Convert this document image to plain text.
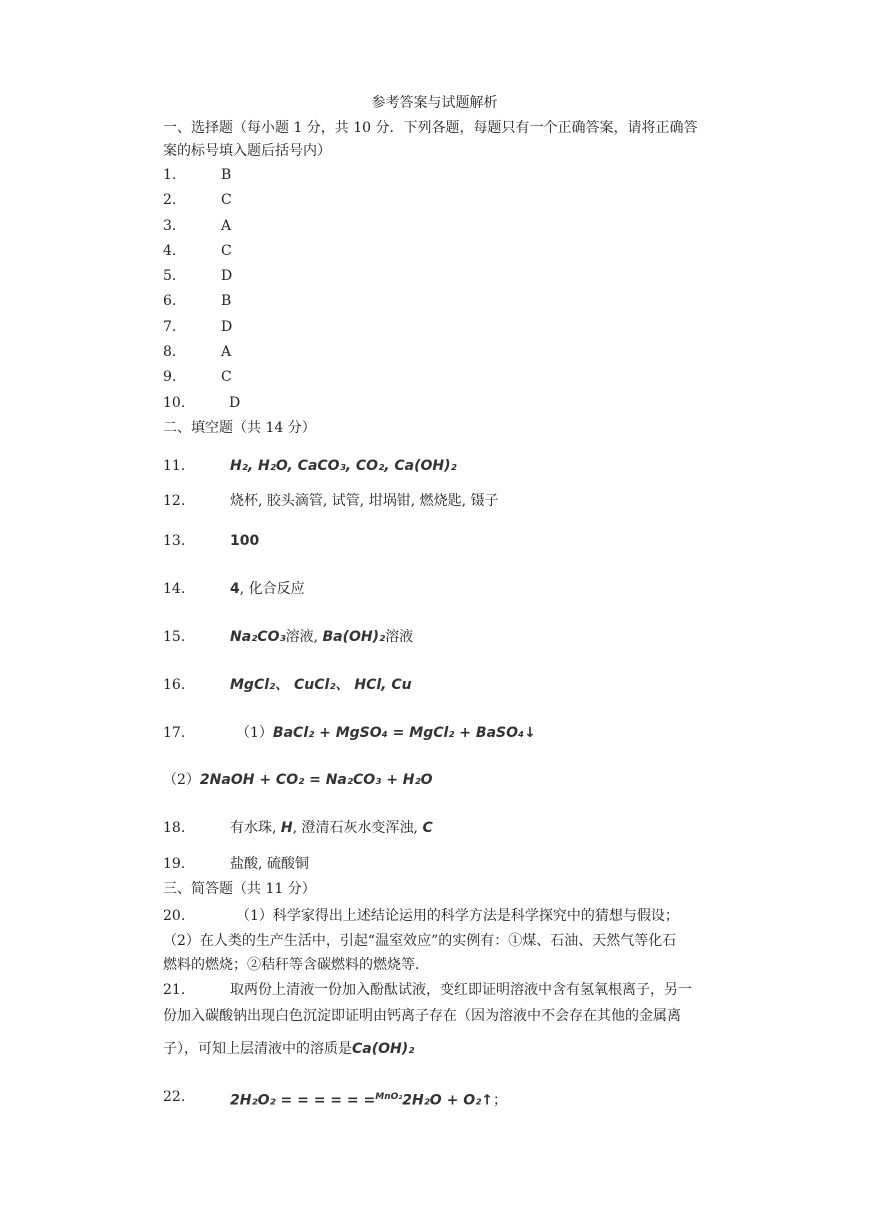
参考答案与试题解析
一、选择题（每小题 1 分，共 10 分．下列各题，每题只有一个正确答案，请将正确答
案的标号填入题后括号内）
1.	B
2.	C
3.	A
4.	C
5.	D
6.	B
7.	D
8.	A
9.	C
10.	D
二、填空题（共 14 分）
11.	H₂, H₂O, CaCO₃, CO₂, Ca(OH)₂
12.	烧杯, 胶头滴管, 试管, 坩埚钳, 燃烧匙, 镊子
13.	100
14.	4, 化合反应
15.	Na₂CO₃溶液, Ba(OH)₂溶液
16.	MgCl₂、 CuCl₂、 HCl, Cu
17.	（1）BaCl₂ + MgSO₄ = MgCl₂ + BaSO₄↓
（2）2NaOH + CO₂ = Na₂CO₃ + H₂O
18.	有水珠, H, 澄清石灰水变浑浊, C
19.	盐酸, 硫酸铜
三、简答题（共 11 分）
20.	（1）科学家得出上述结论运用的科学方法是科学探究中的猜想与假设；
（2）在人类的生产生活中，引起“温室效应”的实例有：①煤、石油、天然气等化石
燃料的燃烧；②秸秆等含碳燃料的燃烧等．
21.	取两份上清液一份加入酚酞试液，变红即证明溶液中含有氢氧根离子，另一
份加入碳酸钠出现白色沉淀即证明由钙离子存在（因为溶液中不会存在其他的金属离
子），可知上层清液中的溶质是Ca(OH)₂
22.	2H₂O₂ = = = = = =$^{MnO_2}$2H₂O + O₂↑；
